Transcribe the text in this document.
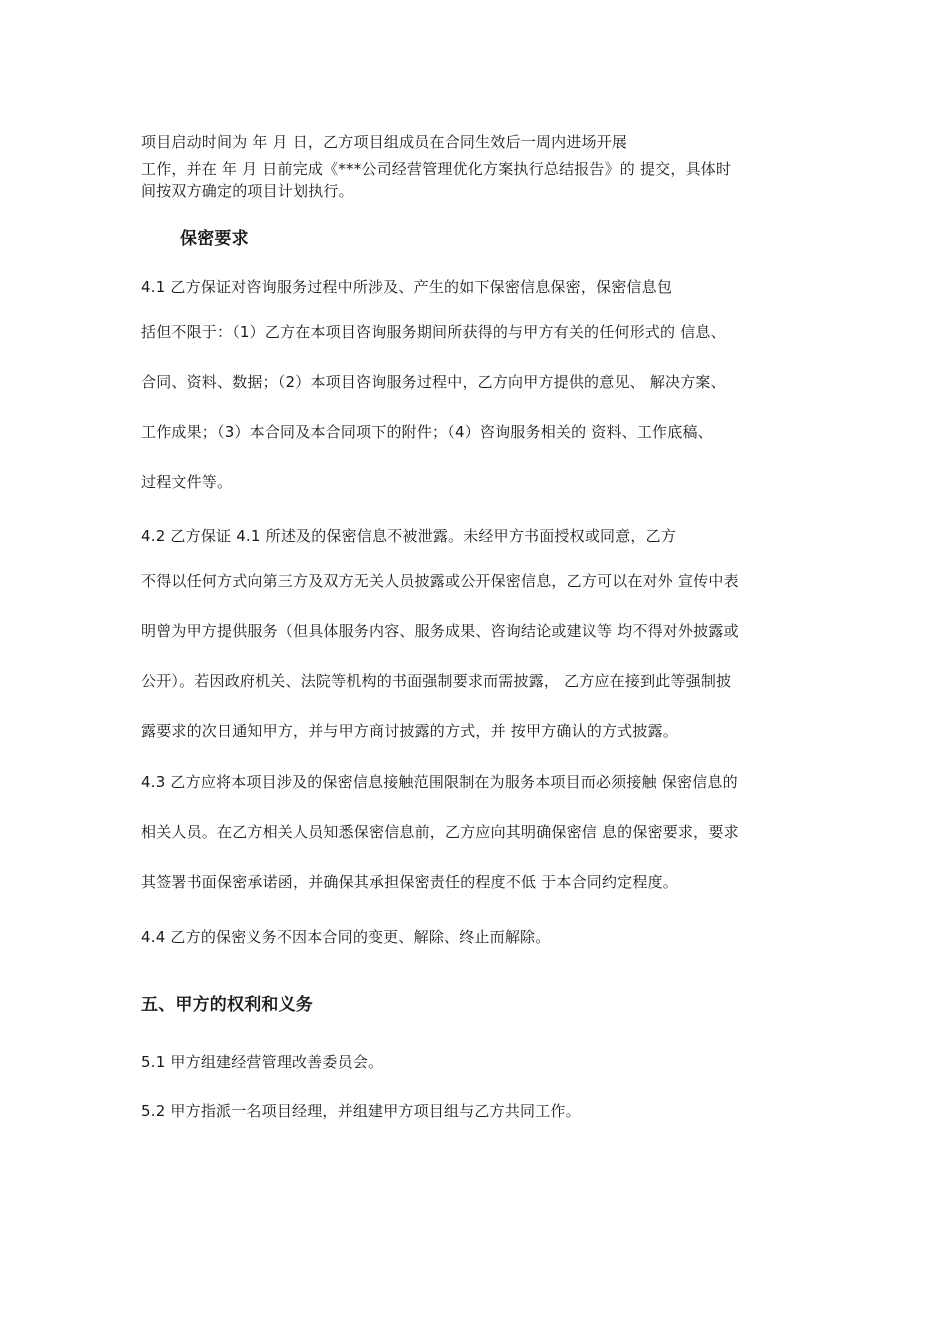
项目启动时间为 年 月 日，乙方项目组成员在合同生效后一周内进场开展
工作，并在 年 月 日前完成《***公司经营管理优化方案执行总结报告》的 提交，具体时
间按双方确定的项目计划执行。
保密要求
4.1 乙方保证对咨询服务过程中所涉及、产生的如下保密信息保密，保密信息包
括但不限于：（1）乙方在本项目咨询服务期间所获得的与甲方有关的任何形式的 信息、
合同、资料、数据；（2）本项目咨询服务过程中，乙方向甲方提供的意见、 解决方案、
工作成果；（3）本合同及本合同项下的附件；（4）咨询服务相关的 资料、工作底稿、
过程文件等。
4.2 乙方保证 4.1 所述及的保密信息不被泄露。未经甲方书面授权或同意，乙方
不得以任何方式向第三方及双方无关人员披露或公开保密信息，乙方可以在对外 宣传中表
明曾为甲方提供服务（但具体服务内容、服务成果、咨询结论或建议等 均不得对外披露或
公开）。若因政府机关、法院等机构的书面强制要求而需披露， 乙方应在接到此等强制披
露要求的次日通知甲方，并与甲方商讨披露的方式，并 按甲方确认的方式披露。
4.3 乙方应将本项目涉及的保密信息接触范围限制在为服务本项目而必须接触 保密信息的
相关人员。在乙方相关人员知悉保密信息前，乙方应向其明确保密信 息的保密要求，要求
其签署书面保密承诺函，并确保其承担保密责任的程度不低 于本合同约定程度。
4.4 乙方的保密义务不因本合同的变更、解除、终止而解除。
五、甲方的权利和义务
5.1 甲方组建经营管理改善委员会。
5.2 甲方指派一名项目经理，并组建甲方项目组与乙方共同工作。
